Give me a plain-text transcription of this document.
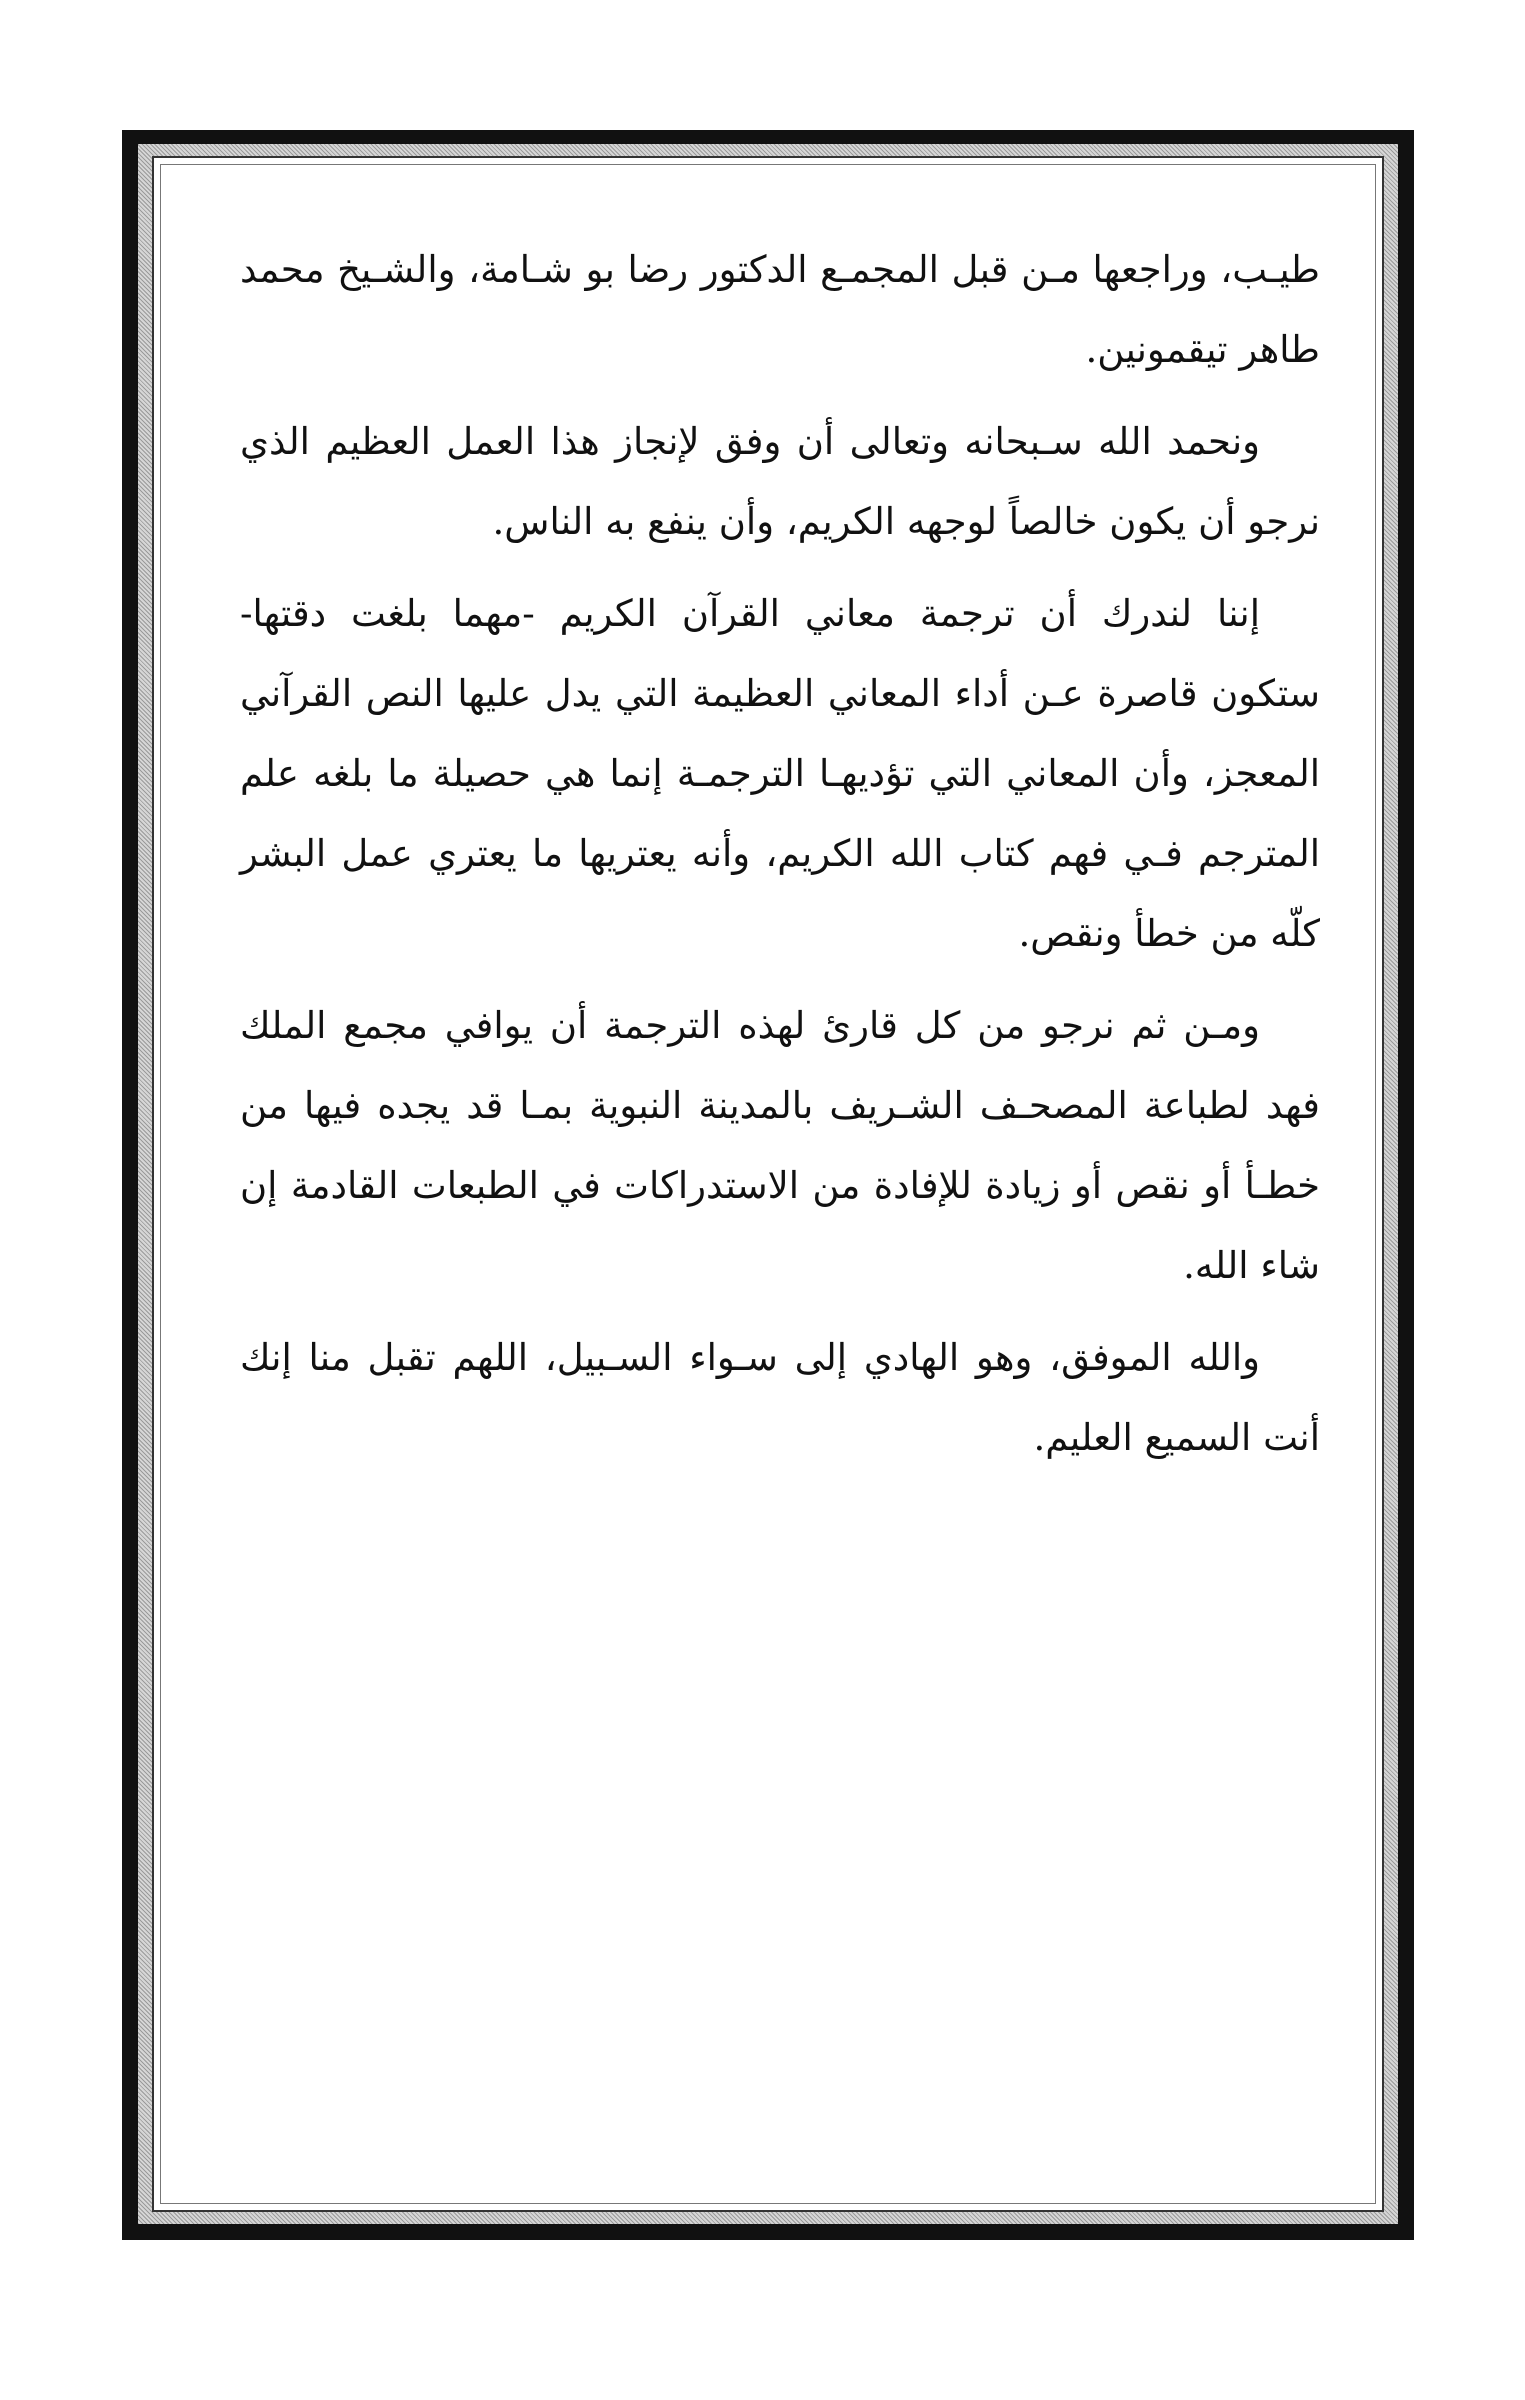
طيـب، وراجعها مـن قبل المجمـع الدكتور رضا بو شـامة، والشـيخ محمد طاهر تيقمونين.

ونحمد الله سـبحانه وتعالى أن وفق لإنجاز هذا العمل العظيم الذي نرجو أن يكون خالصاً لوجهه الكريم، وأن ينفع به الناس.

إننا لندرك أن ترجمة معاني القرآن الكريم -مهما بلغت دقتها- ستكون قاصرة عـن أداء المعاني العظيمة التي يدل عليها النص القرآني المعجز، وأن المعاني التي تؤديهـا الترجمـة إنما هي حصيلة ما بلغه علم المترجم فـي فهم كتاب الله الكريم، وأنه يعتريها ما يعتري عمل البشر كلّه من خطأ ونقص.

ومـن ثم نرجو من كل قارئ لهذه الترجمة أن يوافي مجمع الملك فهد لطباعة المصحـف الشـريف بالمدينة النبوية بمـا قد يجده فيها من خطـأ أو نقص أو زيادة للإفادة من الاستدراكات في الطبعات القادمة إن شاء الله.

والله الموفق، وهو الهادي إلى سـواء السـبيل، اللهم تقبل منا إنك أنت السميع العليم.
